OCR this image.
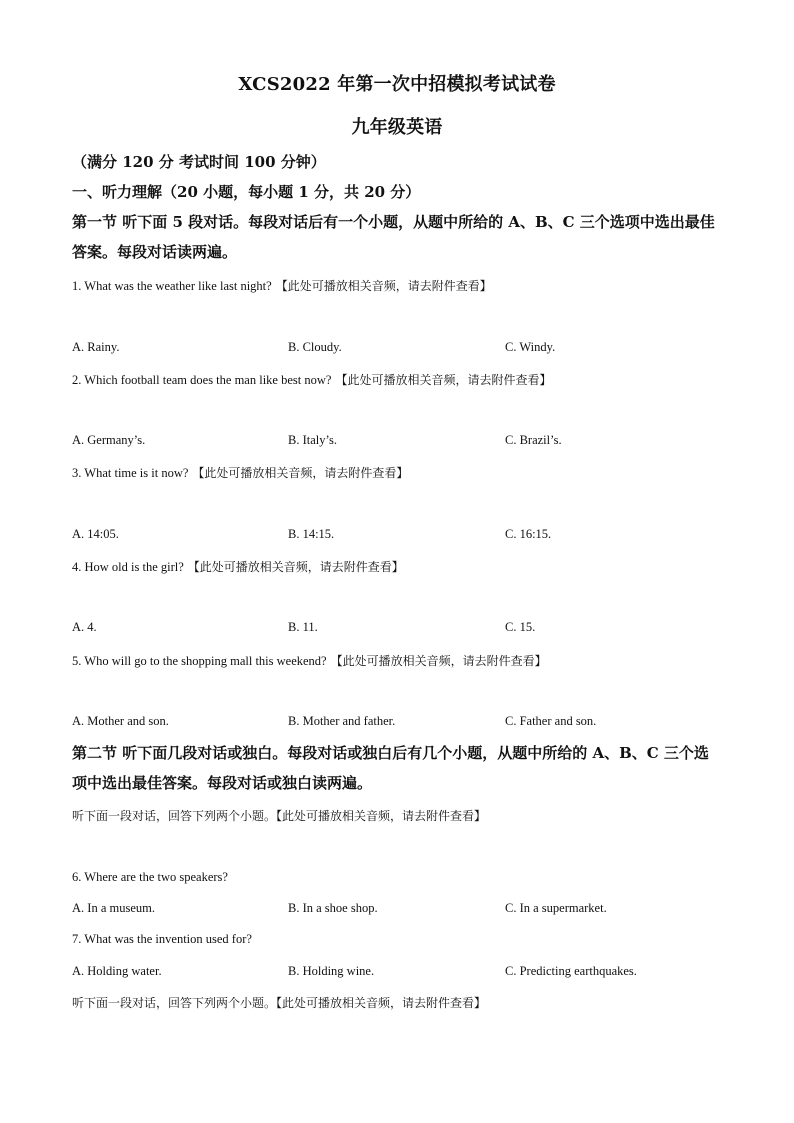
XCS2022 年第一次中招模拟考试试卷
九年级英语
（满分 120 分 考试时间 100 分钟）
一、听力理解（20 小题，每小题 1 分，共 20 分）
第一节 听下面 5 段对话。每段对话后有一个小题，从题中所给的 A、B、C 三个选项中选出最佳答案。每段对话读两遍。
1. What was the weather like last night? 【此处可播放相关音频，请去附件查看】
A. Rainy.	B. Cloudy.	C. Windy.
2. Which football team does the man like best now? 【此处可播放相关音频，请去附件查看】
A. Germany’s.	B. Italy’s.	C. Brazil’s.
3. What time is it now? 【此处可播放相关音频，请去附件查看】
A. 14:05.	B. 14:15.	C. 16:15.
4. How old is the girl? 【此处可播放相关音频，请去附件查看】
A. 4.	B. 11.	C. 15.
5. Who will go to the shopping mall this weekend? 【此处可播放相关音频，请去附件查看】
A. Mother and son.	B. Mother and father.	C. Father and son.
第二节 听下面几段对话或独白。每段对话或独白后有几个小题，从题中所给的 A、B、C 三个选项中选出最佳答案。每段对话或独白读两遍。
听下面一段对话，回答下列两个小题。【此处可播放相关音频，请去附件查看】
6. Where are the two speakers?
A. In a museum.	B. In a shoe shop.	C. In a supermarket.
7. What was the invention used for?
A. Holding water.	B. Holding wine.	C. Predicting earthquakes.
听下面一段对话，回答下列两个小题。【此处可播放相关音频，请去附件查看】
